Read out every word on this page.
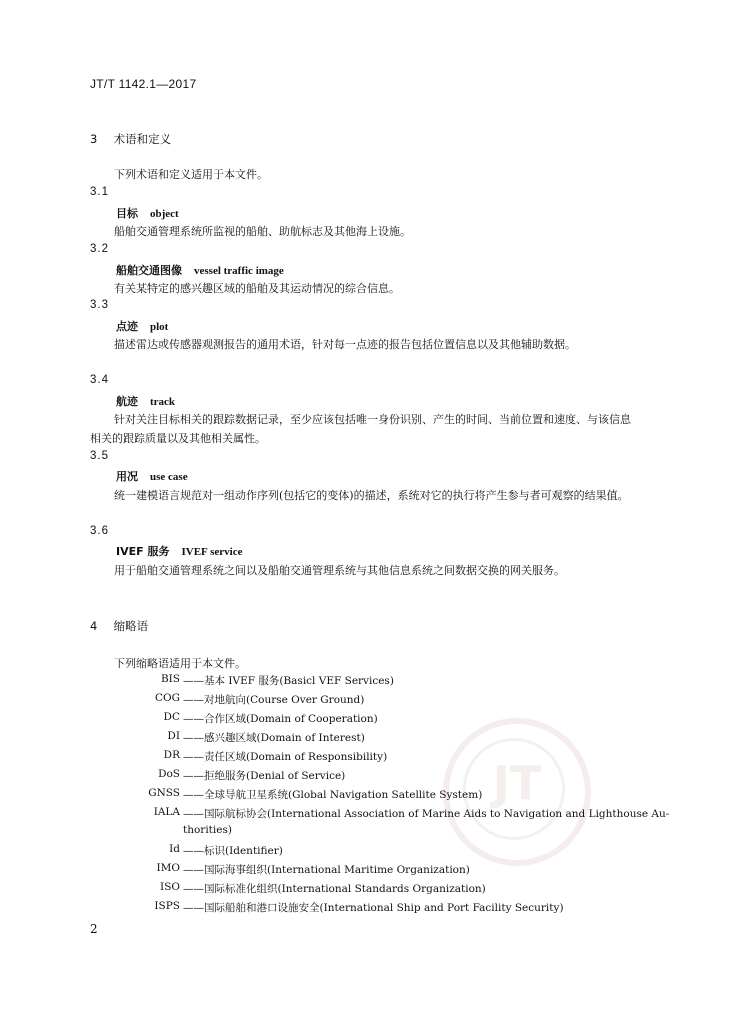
JT/T 1142.1—2017
3 术语和定义
下列术语和定义适用于本文件。
3.1
目标 object
船舶交通管理系统所监视的船舶、助航标志及其他海上设施。
3.2
船舶交通图像 vessel traffic image
有关某特定的感兴趣区域的船舶及其运动情况的综合信息。
3.3
点迹 plot
描述雷达或传感器观测报告的通用术语，针对每一点迹的报告包括位置信息以及其他辅助数据。
3.4
航迹 track
针对关注目标相关的跟踪数据记录，至少应该包括唯一身份识别、产生的时间、当前位置和速度、与该信息相关的跟踪质量以及其他相关属性。
3.5
用况 use case
统一建模语言规范对一组动作序列(包括它的变体)的描述，系统对它的执行将产生参与者可观察的结果值。
3.6
IVEF 服务 IVEF service
用于船舶交通管理系统之间以及船舶交通管理系统与其他信息系统之间数据交换的网关服务。
4 缩略语
下列缩略语适用于本文件。
JT
BIS ——基本 IVEF 服务(Basicl VEF Services)
COG ——对地航向(Course Over Ground)
DC ——合作区域(Domain of Cooperation)
DI ——感兴趣区域(Domain of Interest)
DR ——责任区域(Domain of Responsibility)
DoS ——拒绝服务(Denial of Service)
GNSS ——全球导航卫星系统(Global Navigation Satellite System)
IALA ——国际航标协会(International Association of Marine Aids to Navigation and Lighthouse Au-
thorities)
Id ——标识(Identifier)
IMO ——国际海事组织(International Maritime Organization)
ISO ——国际标准化组织(International Standards Organization)
ISPS ——国际船舶和港口设施安全(International Ship and Port Facility Security)
2
